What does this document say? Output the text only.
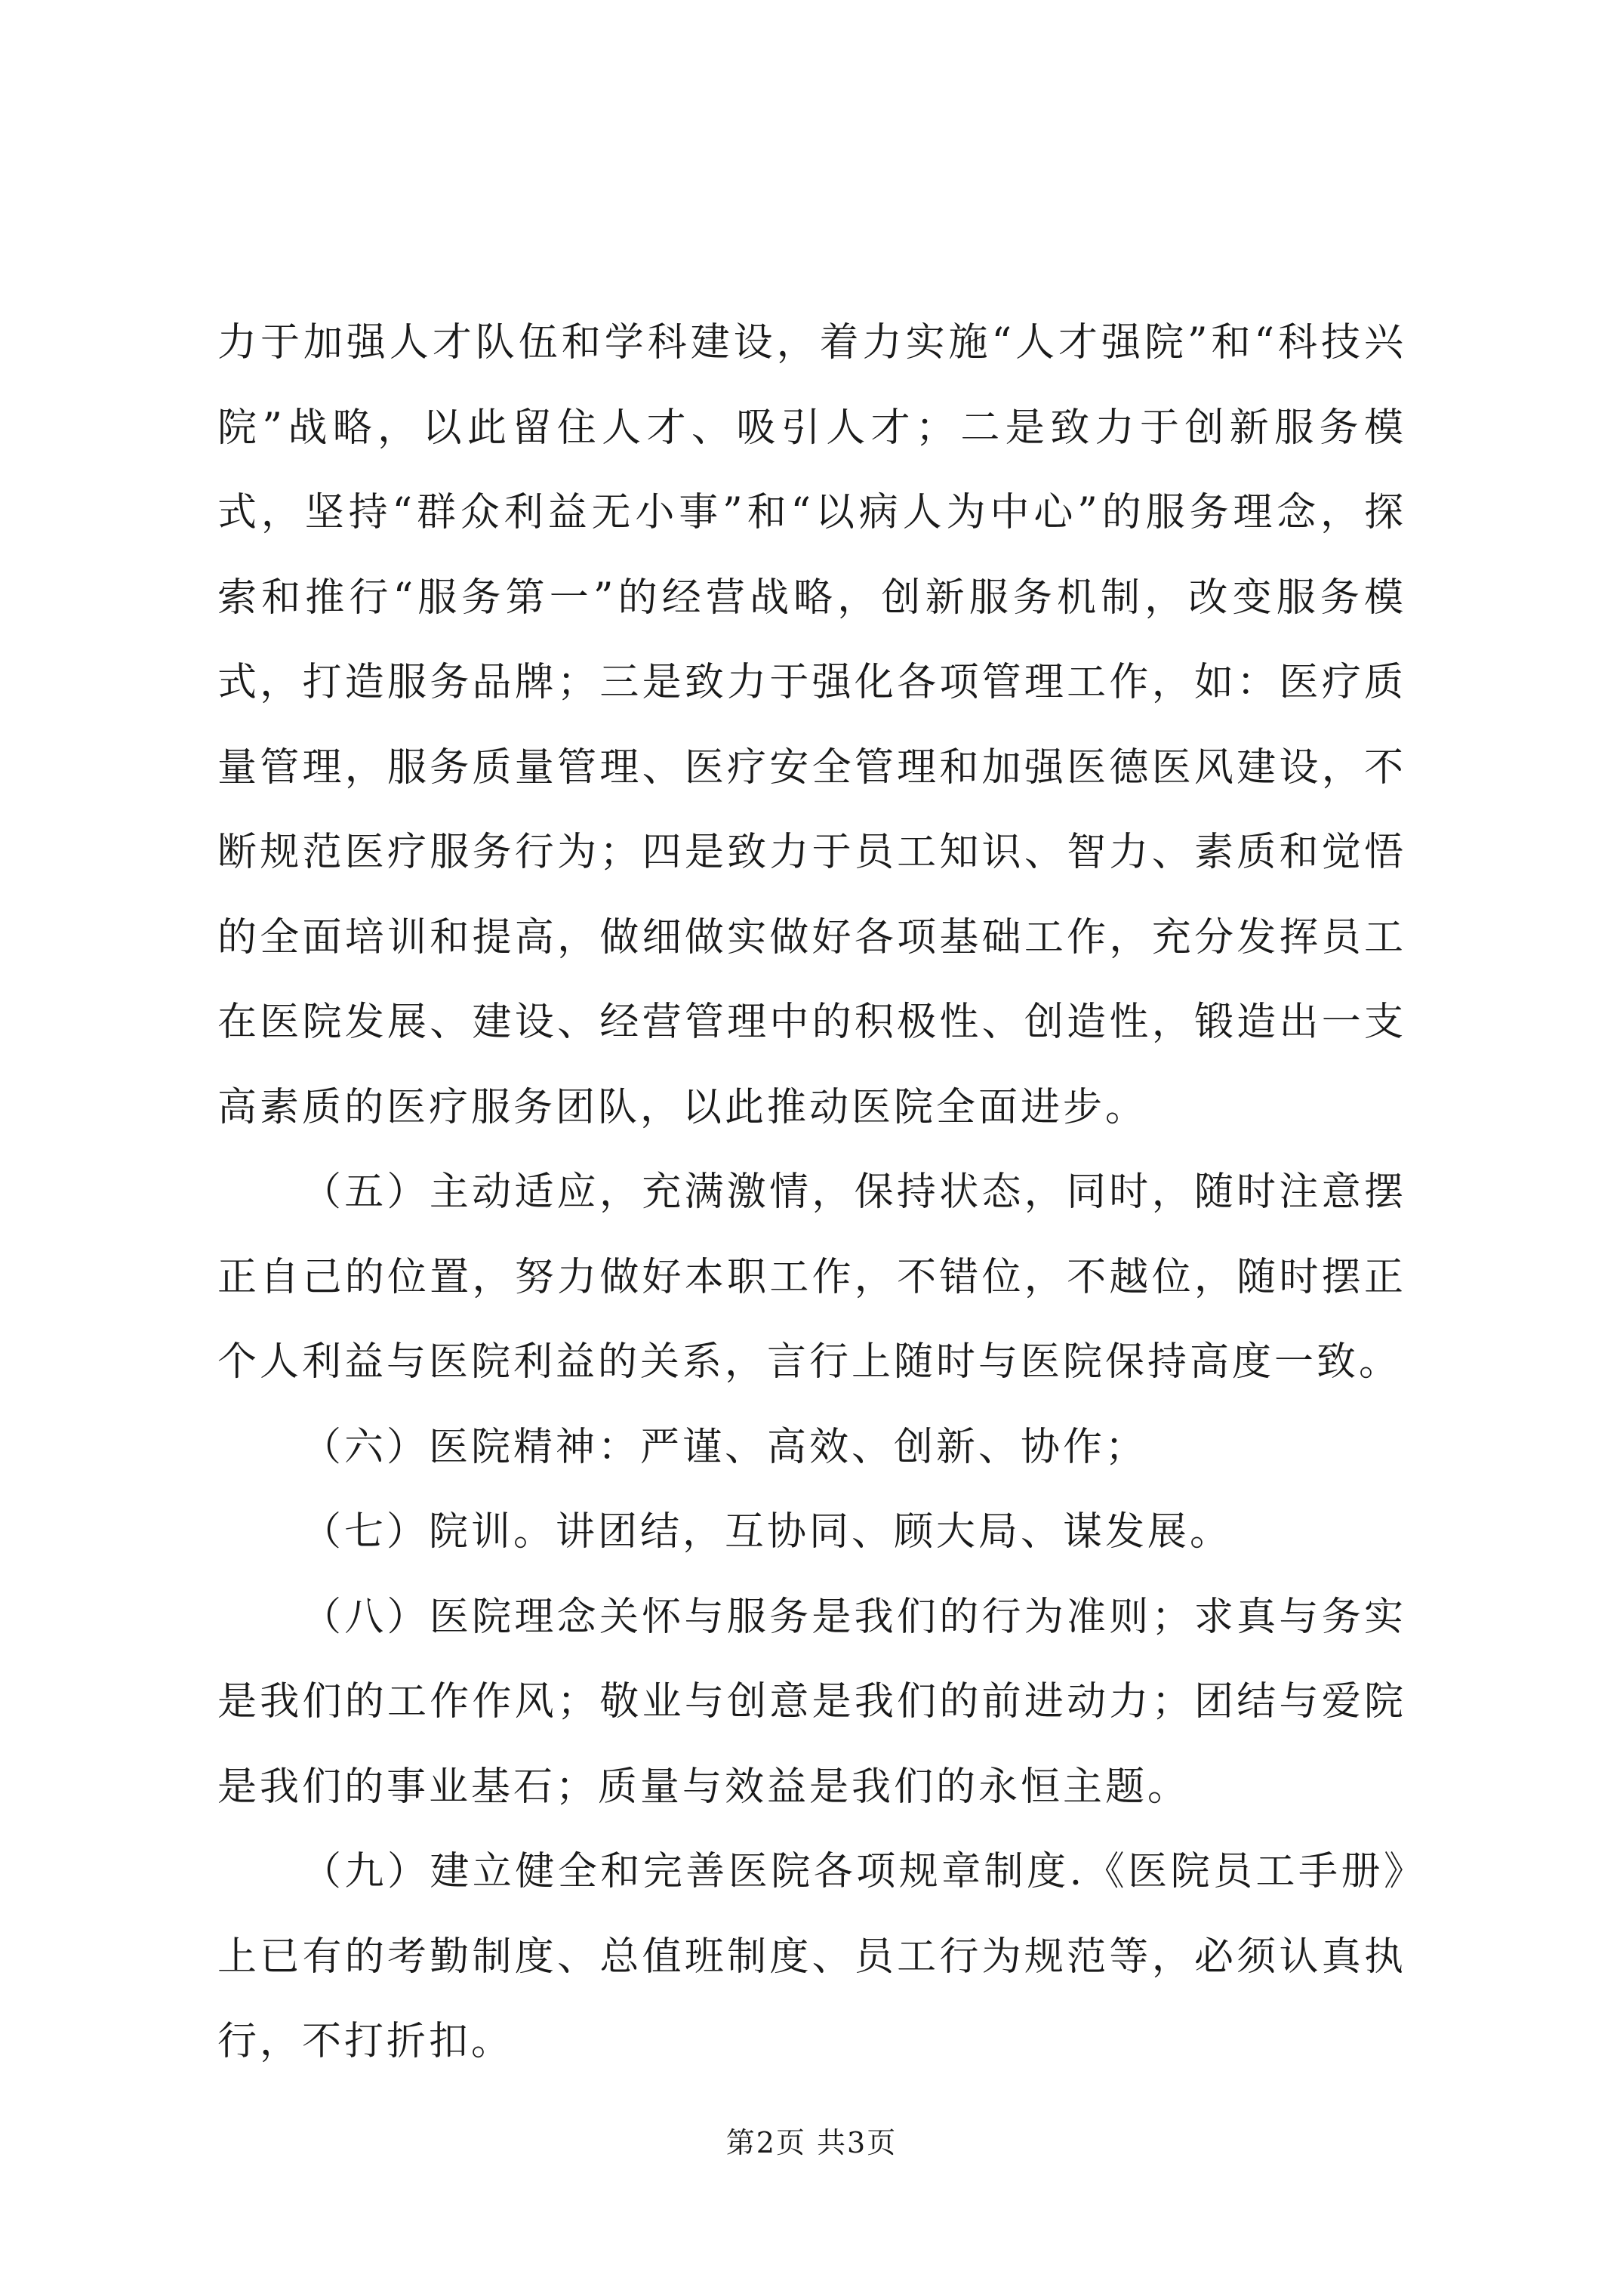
力于加强人才队伍和学科建设，着力实施“人才强院”和“科技兴院”战略，以此留住人才、吸引人才；二是致力于创新服务模式，坚持“群众利益无小事”和“以病人为中心”的服务理念，探索和推行“服务第一”的经营战略，创新服务机制，改变服务模式，打造服务品牌；三是致力于强化各项管理工作，如：医疗质量管理，服务质量管理、医疗安全管理和加强医德医风建设，不断规范医疗服务行为；四是致力于员工知识、智力、素质和觉悟的全面培训和提高，做细做实做好各项基础工作，充分发挥员工在医院发展、建设、经营管理中的积极性、创造性，锻造出一支高素质的医疗服务团队，以此推动医院全面进步。

（五）主动适应，充满激情，保持状态，同时，随时注意摆正自己的位置，努力做好本职工作，不错位，不越位，随时摆正个人利益与医院利益的关系，言行上随时与医院保持高度一致。

（六）医院精神：严谨、高效、创新、协作；

（七）院训。讲团结，互协同、顾大局、谋发展。

（八）医院理念关怀与服务是我们的行为准则；求真与务实是我们的工作作风；敬业与创意是我们的前进动力；团结与爱院是我们的事业基石；质量与效益是我们的永恒主题。

（九）建立健全和完善医院各项规章制度.《医院员工手册》上已有的考勤制度、总值班制度、员工行为规范等，必须认真执行，不打折扣。

第2页 共3页
